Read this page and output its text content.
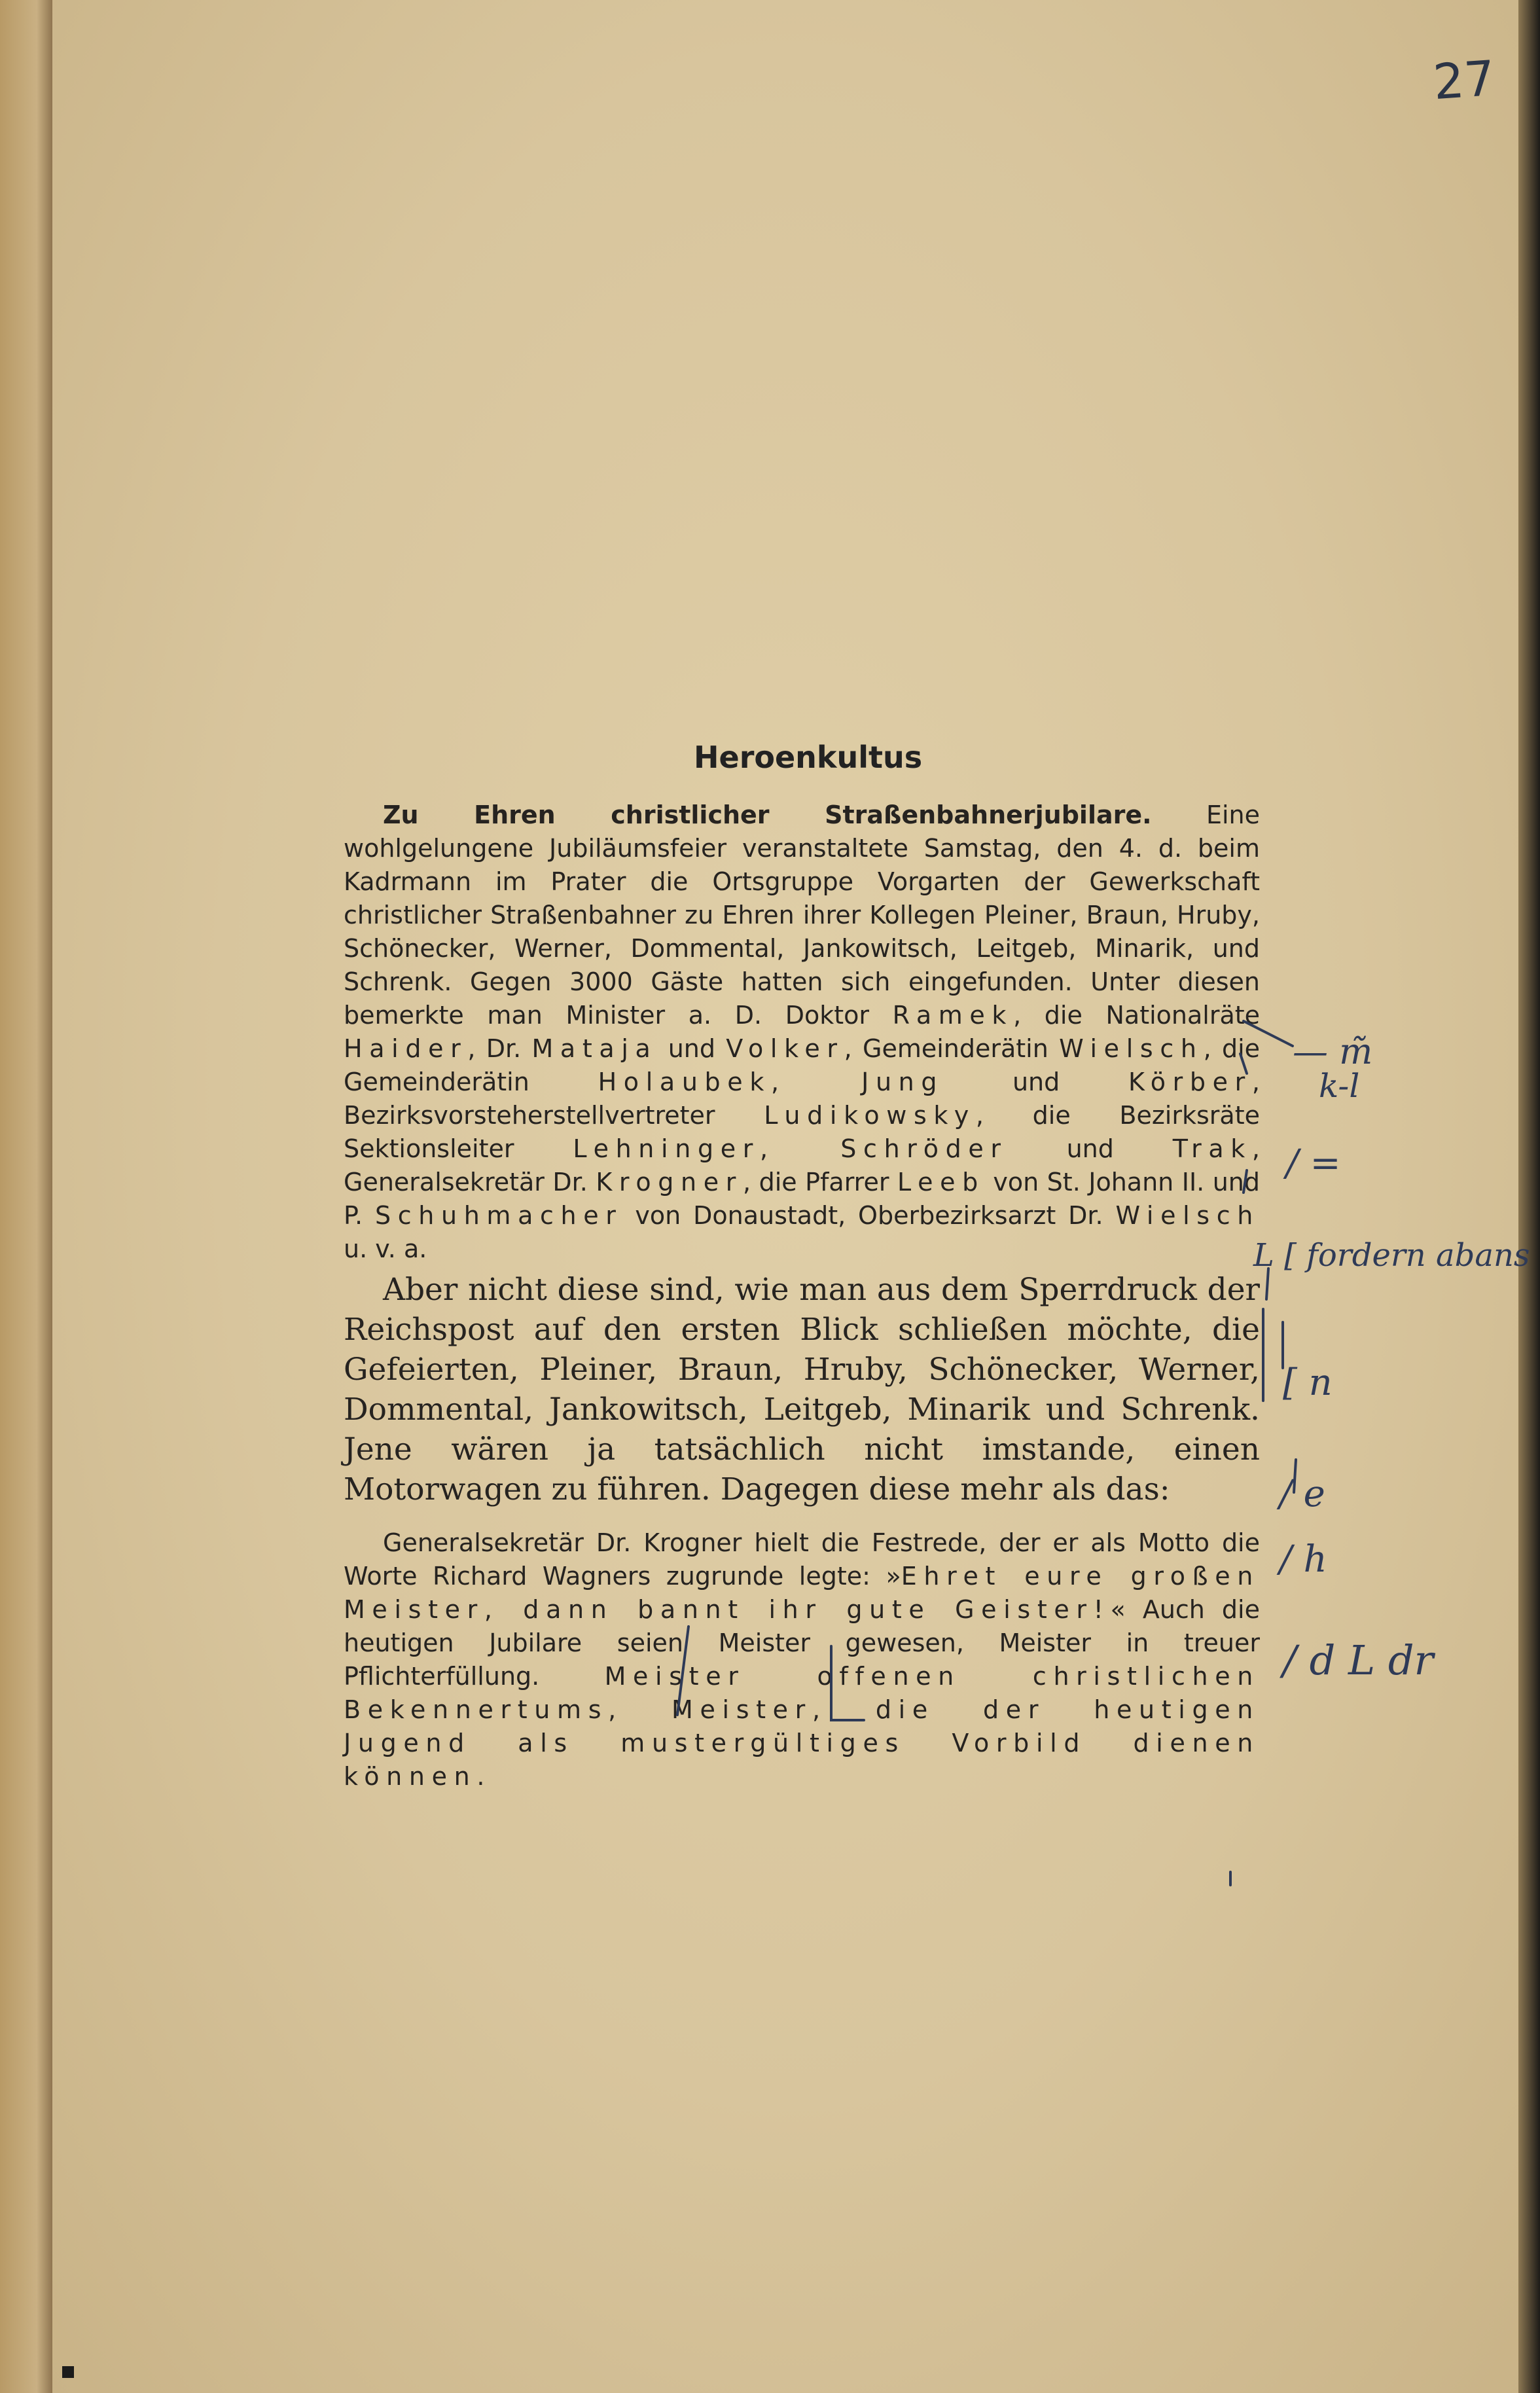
27
Heroenkultus

Zu Ehren christlicher Straßenbahnerjubilare. Eine wohlgelungene Jubiläumsfeier veranstaltete Samstag, den 4. d. beim Kadrmann im Prater die Ortsgruppe Vorgarten der Gewerkschaft christlicher Straßenbahner zu Ehren ihrer Kollegen Pleiner, Braun, Hruby, Schönecker, Werner, Dommental, Jankowitsch, Leitgeb, Minarik, und Schrenk. Gegen 3000 Gäste hatten sich eingefunden. Unter diesen bemerkte man Minister a. D. Doktor Ramek, die Nationalräte Haider, Dr. Mataja und Volker, Gemeinderätin Wielsch, die Gemeinderätin Holaubek, Jung und Körber, Bezirksvorsteherstellvertreter Ludikowsky, die Bezirksräte Sektionsleiter Lehninger, Schröder und Trak, Generalsekretär Dr. Krogner, die Pfarrer Leeb von St. Johann II. und P. Schuhmacher von Donaustadt, Oberbezirksarzt Dr. Wielsch u. v. a.

Aber nicht diese sind, wie man aus dem Sperrdruck der Reichspost auf den ersten Blick schließen möchte, die Gefeierten, Pleiner, Braun, Hruby, Schönecker, Werner, Dommental, Jankowitsch, Leitgeb, Minarik und Schrenk. Jene wären ja tatsächlich nicht imstande, einen Motorwagen zu führen. Dagegen diese mehr als das:

Generalsekretär Dr. Krogner hielt die Festrede, der er als Motto die Worte Richard Wagners zugrunde legte: »Ehret eure großen Meister, dann bannt ihr gute Geister!« Auch die heutigen Jubilare seien Meister gewesen, Meister in treuer Pflichterfüllung. Meister offenen christlichen Bekennertums, Meister, die der heutigen Jugend als mustergültiges Vorbild dienen können.

— m̃
k-l
/ =
L [ fordern abans
[ n
/ e
/ h
/ d L dr
